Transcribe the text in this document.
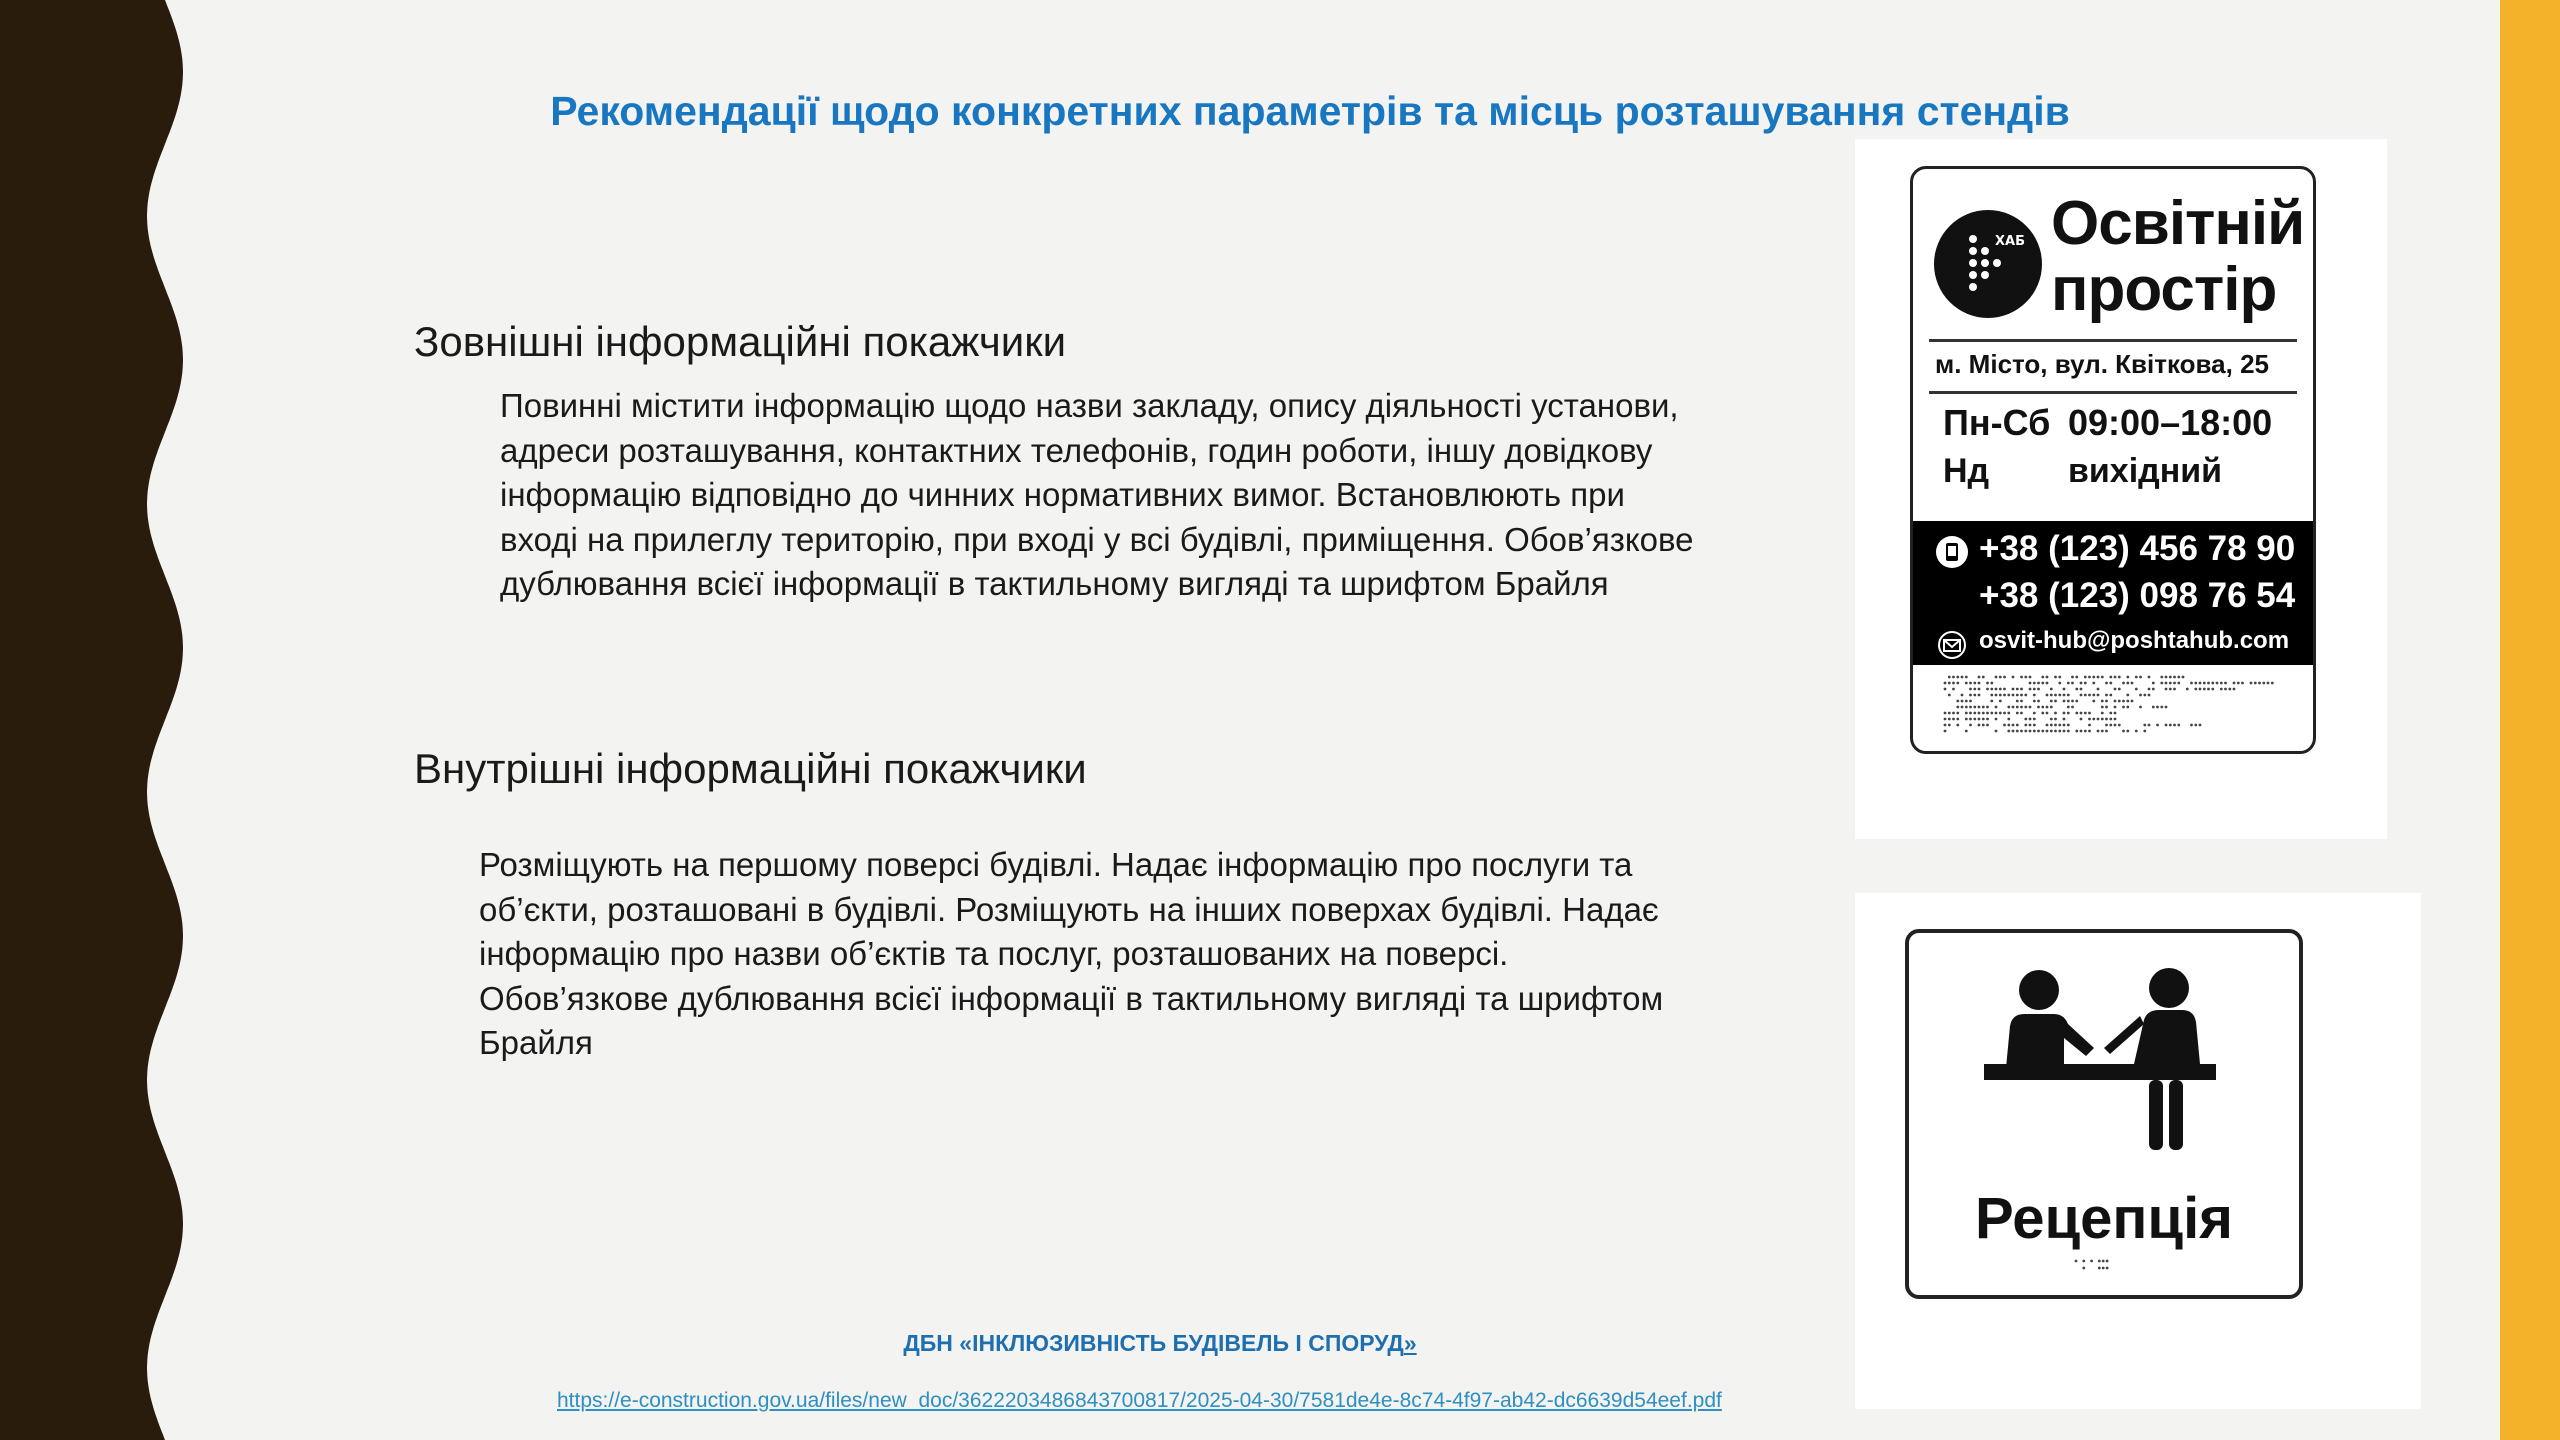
Рекомендації щодо конкретних параметрів та місць розташування стендів
Зовнішні інформаційні покажчики
Повинні містити інформацію щодо назви закладу, опису діяльності установи,
адреси розташування, контактних телефонів, годин роботи, іншу довідкову
інформацію відповідно до чинних нормативних вимог. Встановлюють при
вході на прилеглу територію, при вході у всі будівлі, приміщення. Обов’язкове
дублювання всієї інформації в тактильному вигляді та шрифтом Брайля
Внутрішні інформаційні покажчики
Розміщують на першому поверсі будівлі. Надає інформацію про послуги та
об’єкти, розташовані в будівлі. Розміщують на інших поверхах будівлі. Надає
інформацію про назви об’єктів та послуг, розташованих на поверсі.
Обов’язкове дублювання всієї інформації в тактильному вигляді та шрифтом
Брайля
ДБН «ІНКЛЮЗИВНІСТЬ БУДІВЕЛЬ І СПОРУД»
https://e-construction.gov.ua/files/new_doc/3622203486843700817/2025-04-30/7581de4e-8c74-4f97-ab42-dc6639d54eef.pdf
ХАБ Освітній
простір
м. Місто, вул. Квіткова, 25
Пн-Сб 09:00–18:00
Нд вихідний
+38 (123) 456 78 90
+38 (123) 098 76 54
osvit-hub@poshtahub.com
Рецепція
